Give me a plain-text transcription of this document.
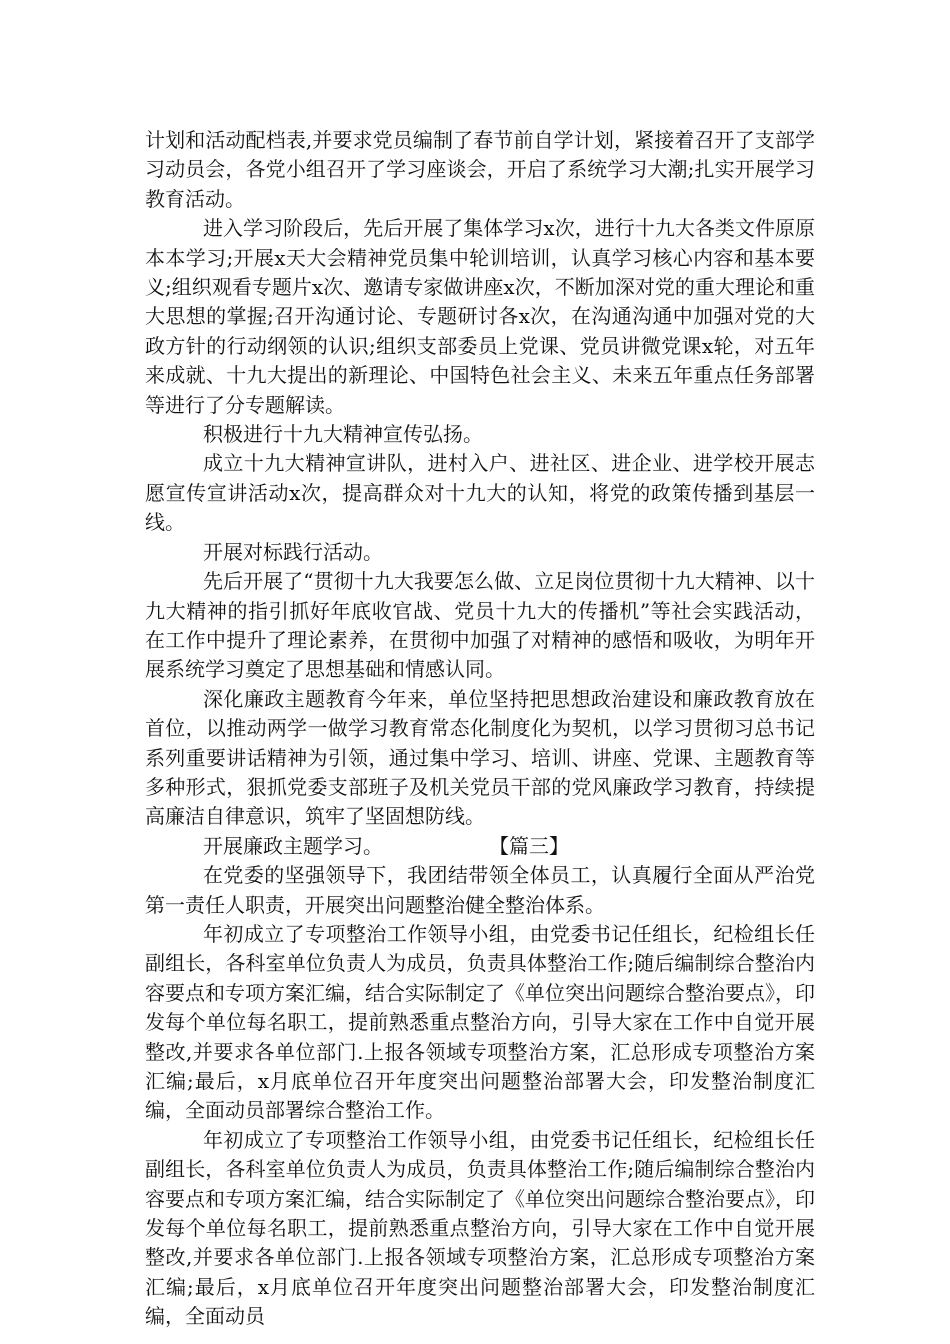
计划和活动配档表,并要求党员编制了春节前自学计划，紧接着召开了支部学习动员会，各党小组召开了学习座谈会，开启了系统学习大潮;扎实开展学习教育活动。

进入学习阶段后，先后开展了集体学习x次，进行十九大各类文件原原本本学习;开展x天大会精神党员集中轮训培训，认真学习核心内容和基本要义;组织观看专题片x次、邀请专家做讲座x次，不断加深对党的重大理论和重大思想的掌握;召开沟通讨论、专题研讨各x次，在沟通沟通中加强对党的大政方针的行动纲领的认识;组织支部委员上党课、党员讲微党课x轮，对五年来成就、十九大提出的新理论、中国特色社会主义、未来五年重点任务部署等进行了分专题解读。

积极进行十九大精神宣传弘扬。

成立十九大精神宣讲队，进村入户、进社区、进企业、进学校开展志愿宣传宣讲活动x次，提高群众对十九大的认知，将党的政策传播到基层一线。

开展对标践行活动。

先后开展了“贯彻十九大我要怎么做、立足岗位贯彻十九大精神、以十九大精神的指引抓好年底收官战、党员十九大的传播机”等社会实践活动，在工作中提升了理论素养，在贯彻中加强了对精神的感悟和吸收，为明年开展系统学习奠定了思想基础和情感认同。

深化廉政主题教育今年来，单位坚持把思想政治建设和廉政教育放在首位，以推动两学一做学习教育常态化制度化为契机，以学习贯彻习总书记系列重要讲话精神为引领，通过集中学习、培训、讲座、党课、主题教育等多种形式，狠抓党委支部班子及机关党员干部的党风廉政学习教育，持续提高廉洁自律意识，筑牢了坚固想防线。

开展廉政主题学习。	【篇三】

在党委的坚强领导下，我团结带领全体员工，认真履行全面从严治党第一责任人职责，开展突出问题整治健全整治体系。

年初成立了专项整治工作领导小组，由党委书记任组长，纪检组长任副组长，各科室单位负责人为成员，负责具体整治工作;随后编制综合整治内容要点和专项方案汇编，结合实际制定了《单位突出问题综合整治要点》，印发每个单位每名职工，提前熟悉重点整治方向，引导大家在工作中自觉开展整改,并要求各单位部门.上报各领域专项整治方案，汇总形成专项整治方案汇编;最后，x月底单位召开年度突出问题整治部署大会，印发整治制度汇编，全面动员部署综合整治工作。

年初成立了专项整治工作领导小组，由党委书记任组长，纪检组长任副组长，各科室单位负责人为成员，负责具体整治工作;随后编制综合整治内容要点和专项方案汇编，结合实际制定了《单位突出问题综合整治要点》，印发每个单位每名职工，提前熟悉重点整治方向，引导大家在工作中自觉开展整改,并要求各单位部门.上报各领域专项整治方案，汇总形成专项整治方案汇编;最后，x月底单位召开年度突出问题整治部署大会，印发整治制度汇编，全面动员
